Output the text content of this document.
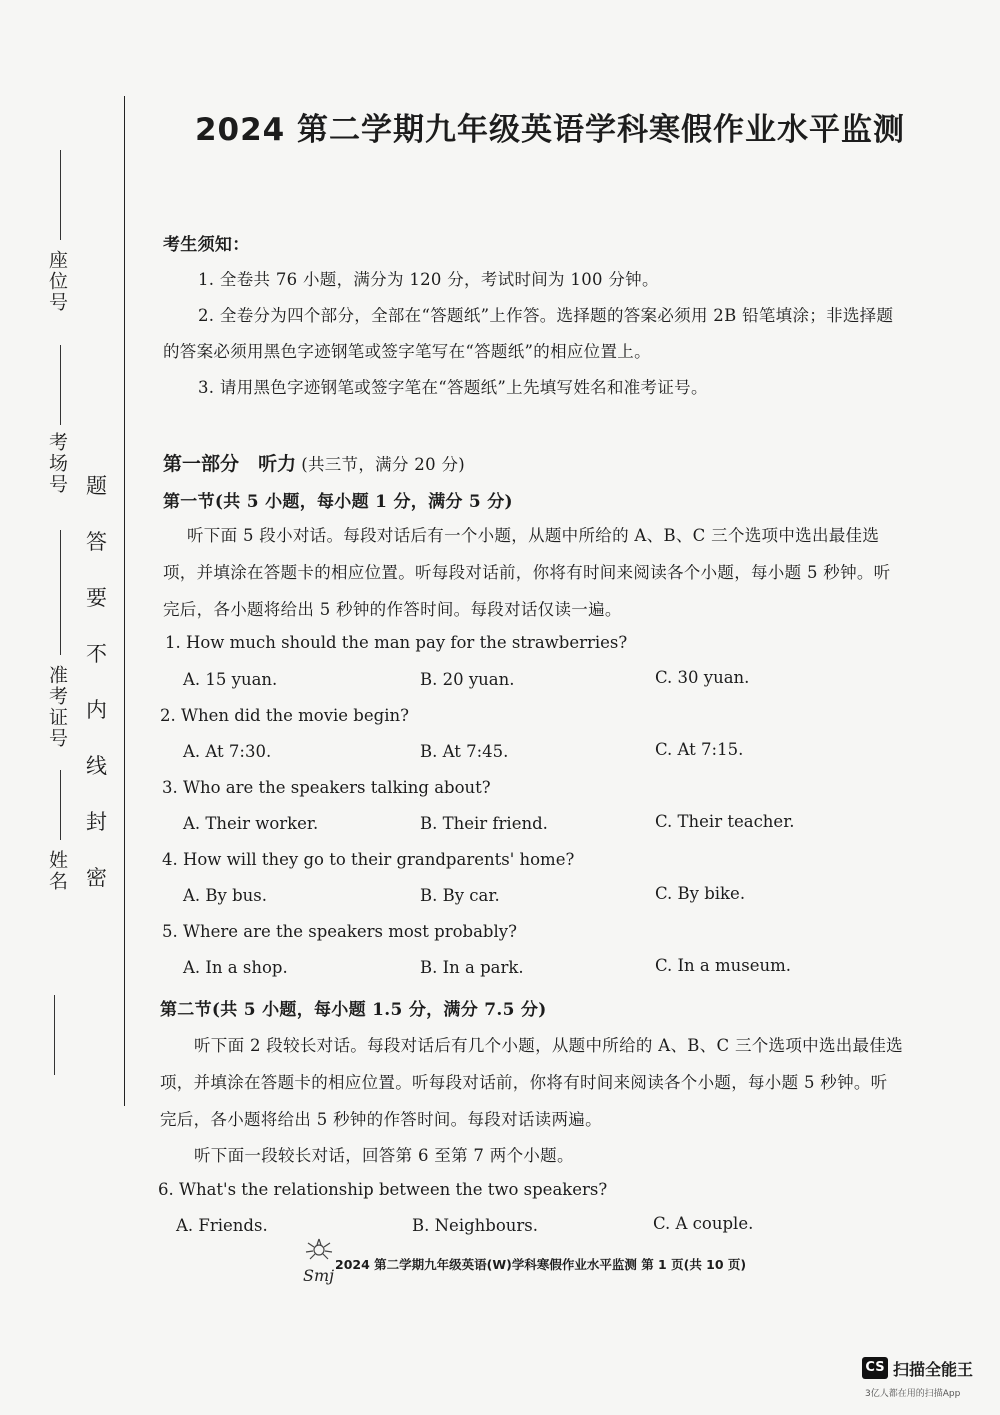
座位号
考场号
准考证号
姓名
题
答
要
不
内
线
封
密
2024 第二学期九年级英语学科寒假作业水平监测
考生须知：
1. 全卷共 76 小题，满分为 120 分，考试时间为 100 分钟。
2. 全卷分为四个部分，全部在“答题纸”上作答。选择题的答案必须用 2B 铅笔填涂；非选择题
的答案必须用黑色字迹钢笔或签字笔写在“答题纸”的相应位置上。
3. 请用黑色字迹钢笔或签字笔在“答题纸”上先填写姓名和准考证号。
第一部分 听力 (共三节，满分 20 分)
第一节(共 5 小题，每小题 1 分，满分 5 分)
听下面 5 段小对话。每段对话后有一个小题，从题中所给的 A、B、C 三个选项中选出最佳选
项，并填涂在答题卡的相应位置。听每段对话前，你将有时间来阅读各个小题，每小题 5 秒钟。听
完后，各小题将给出 5 秒钟的作答时间。每段对话仅读一遍。
1. How much should the man pay for the strawberries?
A. 15 yuan.	B. 20 yuan.	C. 30 yuan.
2. When did the movie begin?
A. At 7:30.	B. At 7:45.	C. At 7:15.
3. Who are the speakers talking about?
A. Their worker.	B. Their friend.	C. Their teacher.
4. How will they go to their grandparents' home?
A. By bus.	B. By car.	C. By bike.
5. Where are the speakers most probably?
A. In a shop.	B. In a park.	C. In a museum.
第二节(共 5 小题，每小题 1.5 分，满分 7.5 分)
听下面 2 段较长对话。每段对话后有几个小题，从题中所给的 A、B、C 三个选项中选出最佳选
项，并填涂在答题卡的相应位置。听每段对话前，你将有时间来阅读各个小题，每小题 5 秒钟。听
完后，各小题将给出 5 秒钟的作答时间。每段对话读两遍。
听下面一段较长对话，回答第 6 至第 7 两个小题。
6. What's the relationship between the two speakers?
A. Friends.	B. Neighbours.	C. A couple.
Smj
2024 第二学期九年级英语(W)学科寒假作业水平监测 第 1 页(共 10 页)
CS 扫描全能王
3亿人都在用的扫描App
